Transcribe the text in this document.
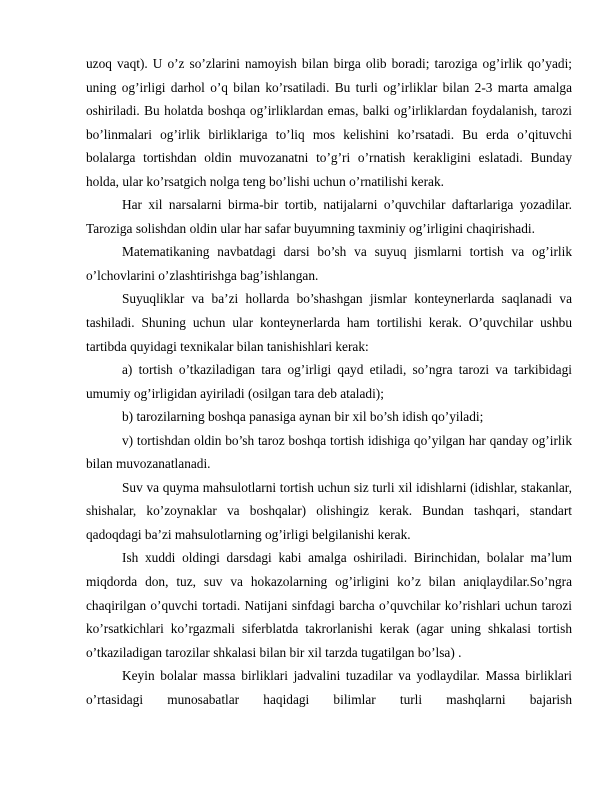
uzoq vaqt). U o’z so’zlarini namoyish bilan birga olib boradi; taroziga og’irlik qo’yadi; uning og’irligi darhol o’q bilan ko’rsatiladi. Bu turli og’irliklar bilan 2-3 marta amalga oshiriladi. Bu holatda boshqa og’irliklardan emas, balki og’irliklardan foydalanish, tarozi bo’linmalari og’irlik birliklariga to’liq mos kelishini ko’rsatadi. Bu erda o’qituvchi bolalarga tortishdan oldin muvozanatni to’g’ri o’rnatish kerakligini eslatadi. Bunday holda, ular ko’rsatgich nolga teng bo’lishi uchun o’rnatilishi kerak.

Har xil narsalarni birma-bir tortib, natijalarni o’quvchilar daftarlariga yozadilar. Taroziga solishdan oldin ular har safar buyumning taxminiy og’irligini chaqirishadi.

Matematikaning navbatdagi darsi bo’sh va suyuq jismlarni tortish va og’irlik o’lchovlarini o’zlashtirishga bag’ishlangan.

Suyuqliklar va ba’zi hollarda bo’shashgan jismlar konteynerlarda saqlanadi va tashiladi. Shuning uchun ular konteynerlarda ham tortilishi kerak. O’quvchilar ushbu tartibda quyidagi texnikalar bilan tanishishlari kerak:

a) tortish o’tkaziladigan tara og’irligi qayd etiladi, so’ngra tarozi va tarkibidagi umumiy og’irligidan ayiriladi (osilgan tara deb ataladi);

b) tarozilarning boshqa panasiga aynan bir xil bo’sh idish qo’yiladi;

v) tortishdan oldin bo’sh taroz boshqa tortish idishiga qo’yilgan har qanday og’irlik bilan muvozanatlanadi.

Suv va quyma mahsulotlarni tortish uchun siz turli xil idishlarni (idishlar, stakanlar, shishalar, ko’zoynaklar va boshqalar) olishingiz kerak. Bundan tashqari, standart qadoqdagi ba’zi mahsulotlarning og’irligi belgilanishi kerak.

Ish xuddi oldingi darsdagi kabi amalga oshiriladi. Birinchidan, bolalar ma’lum miqdorda don, tuz, suv va hokazolarning og’irligini ko’z bilan aniqlaydilar.So’ngra chaqirilgan o’quvchi tortadi. Natijani sinfdagi barcha o’quvchilar ko’rishlari uchun tarozi ko’rsatkichlari ko’rgazmali siferblatda takrorlanishi kerak (agar uning shkalasi tortish o’tkaziladigan tarozilar shkalasi bilan bir xil tarzda tugatilgan bo’lsa) .

Keyin bolalar massa birliklari jadvalini tuzadilar va yodlaydilar. Massa birliklari o’rtasidagi munosabatlar haqidagi bilimlar turli mashqlarni bajarish
